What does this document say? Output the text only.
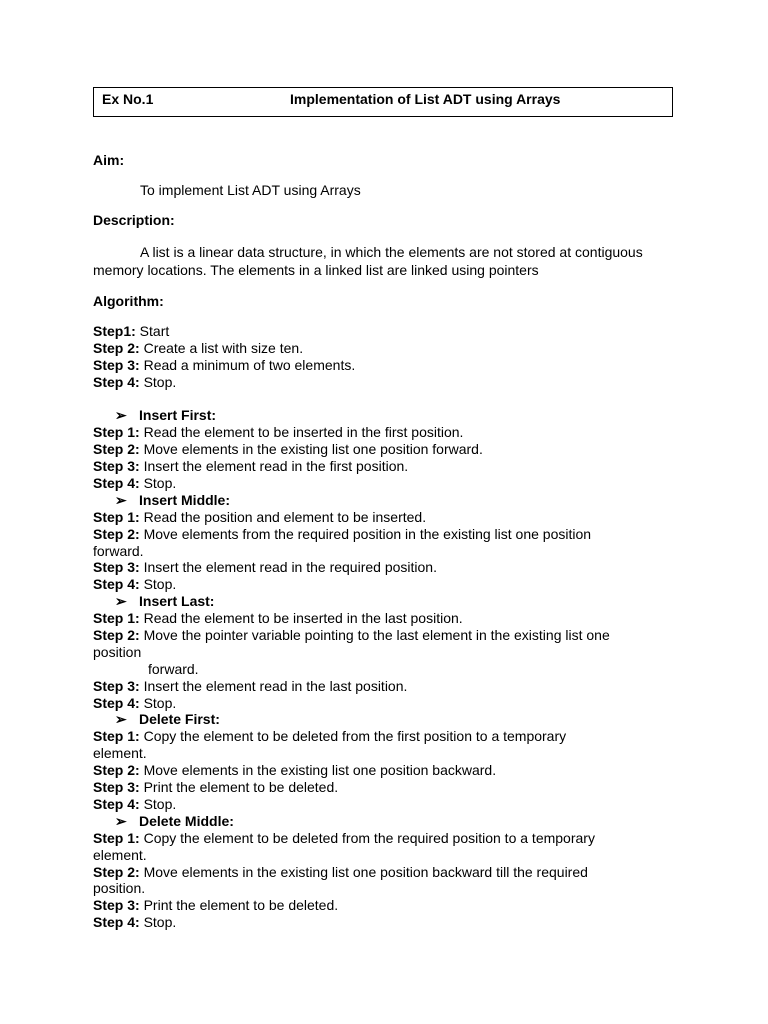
Ex No.1	Implementation of List ADT using Arrays
Aim:
To implement List ADT using Arrays
Description:
A list is a linear data structure, in which the elements are not stored at contiguous
memory locations. The elements in a linked list are linked using pointers
Algorithm:
Step1: Start
Step 2: Create a list with size ten.
Step 3: Read a minimum of two elements.
Step 4: Stop.
➢ Insert First:
Step 1: Read the element to be inserted in the first position.
Step 2: Move elements in the existing list one position forward.
Step 3: Insert the element read in the first position.
Step 4: Stop.
➢ Insert Middle:
Step 1: Read the position and element to be inserted.
Step 2: Move elements from the required position in the existing list one position
forward.
Step 3: Insert the element read in the required position.
Step 4: Stop.
➢ Insert Last:
Step 1: Read the element to be inserted in the last position.
Step 2: Move the pointer variable pointing to the last element in the existing list one
position
forward.
Step 3: Insert the element read in the last position.
Step 4: Stop.
➢ Delete First:
Step 1: Copy the element to be deleted from the first position to a temporary
element.
Step 2: Move elements in the existing list one position backward.
Step 3: Print the element to be deleted.
Step 4: Stop.
➢ Delete Middle:
Step 1: Copy the element to be deleted from the required position to a temporary
element.
Step 2: Move elements in the existing list one position backward till the required
position.
Step 3: Print the element to be deleted.
Step 4: Stop.
